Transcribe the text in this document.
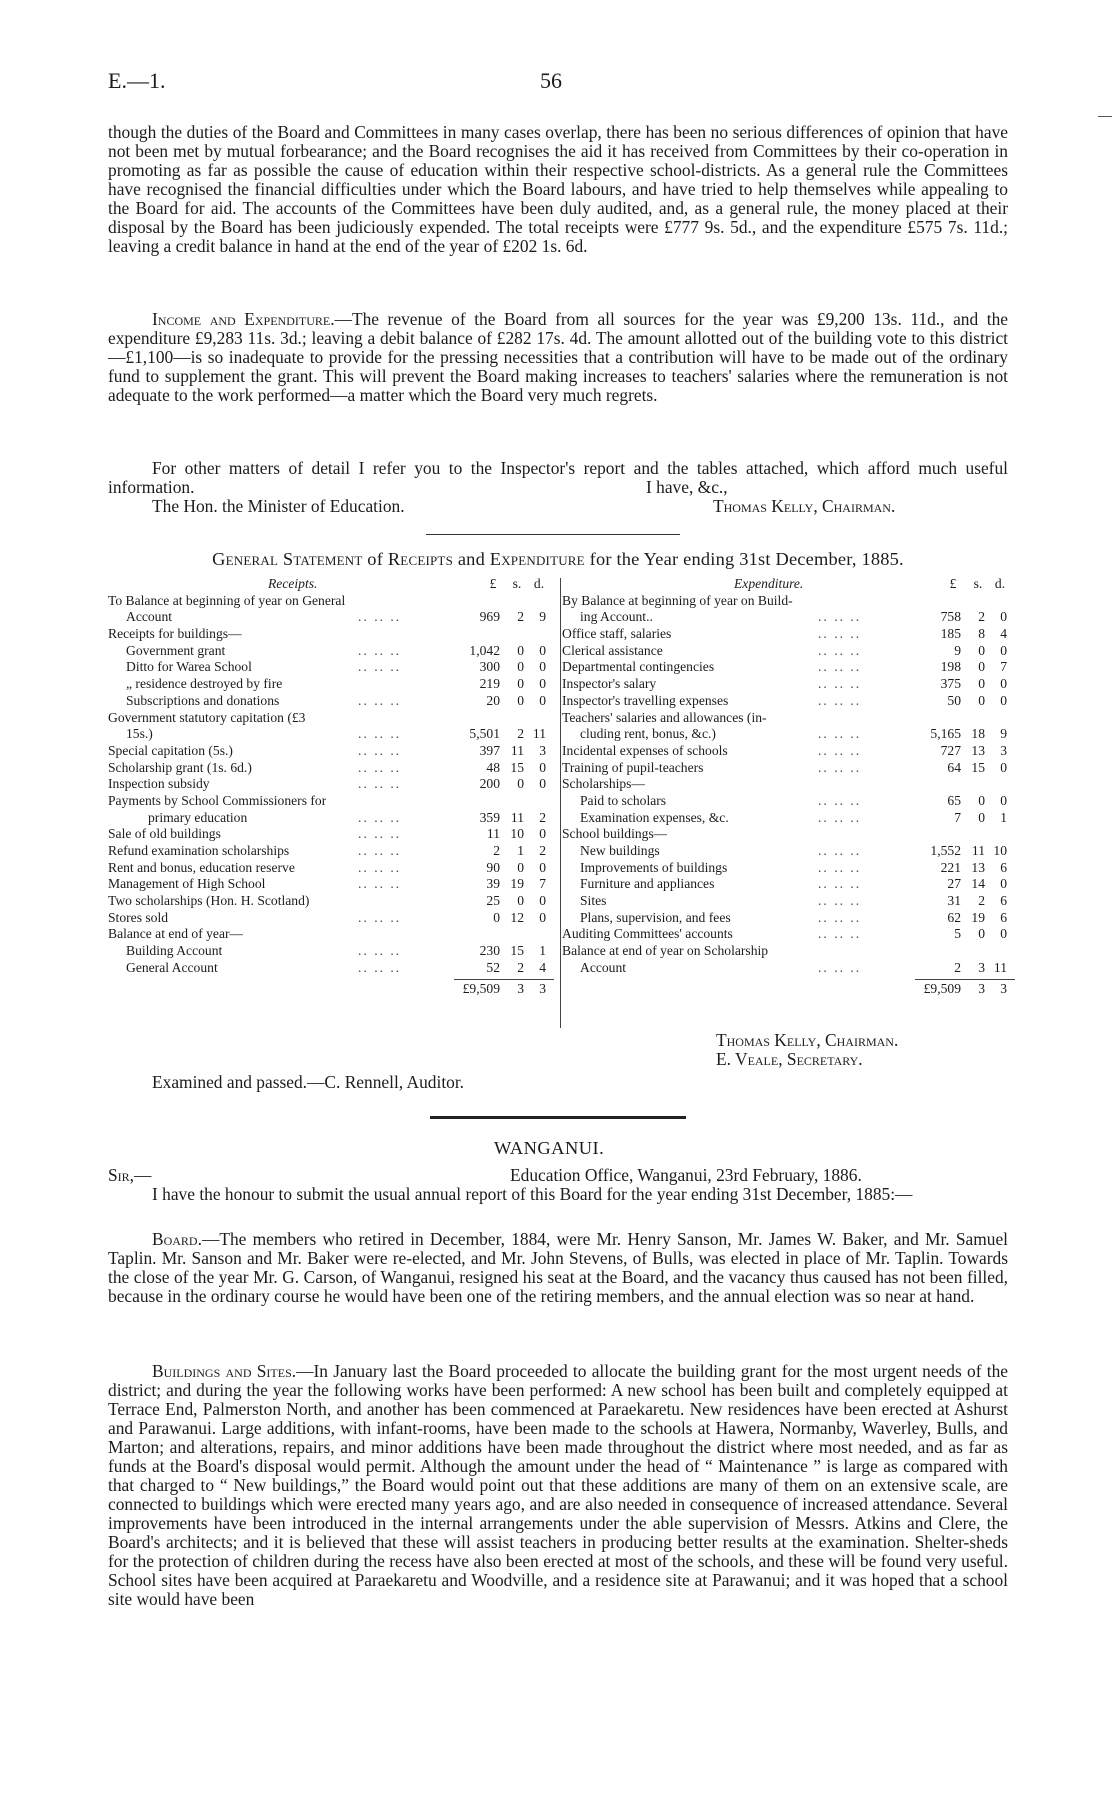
E.—1.	56

though the duties of the Board and Committees in many cases overlap, there has been no serious differences of opinion that have not been met by mutual forbearance; and the Board recognises the aid it has received from Committees by their co-operation in promoting as far as possible the cause of education within their respective school-districts. As a general rule the Committees have recognised the financial difficulties under which the Board labours, and have tried to help themselves while appealing to the Board for aid. The accounts of the Committees have been duly audited, and, as a general rule, the money placed at their disposal by the Board has been judiciously expended. The total receipts were £777 9s. 5d., and the expenditure £575 7s. 11d.; leaving a credit balance in hand at the end of the year of £202 1s. 6d.

Income and Expenditure.—The revenue of the Board from all sources for the year was £9,200 13s. 11d., and the expenditure £9,283 11s. 3d.; leaving a debit balance of £282 17s. 4d. The amount allotted out of the building vote to this district—£1,100—is so inadequate to provide for the pressing necessities that a contribution will have to be made out of the ordinary fund to supplement the grant. This will prevent the Board making increases to teachers' salaries where the remuneration is not adequate to the work performed—a matter which the Board very much regrets.

For other matters of detail I refer you to the Inspector's report and the tables attached, which afford much useful information.	I have, &c.,
The Hon. the Minister of Education.	Thomas Kelly, Chairman.
General Statement of Receipts and Expenditure for the Year ending 31st December, 1885.
Receipts.	£	s. d.
To Balance at beginning of year on General
Account	.. .. ..	969 2 9
Receipts for buildings—
Government grant	.. .. ..	1,042 0 0
Ditto for Warea School	.. .. ..	300 0 0
„ residence destroyed by fire	219 0 0
Subscriptions and donations	.. .. ..	20 0 0
Government statutory capitation (£3
15s.)	.. .. ..	5,501 2 11
Special capitation (5s.)	.. .. ..	397 11 3
Scholarship grant (1s. 6d.)	.. .. ..	48 15 0
Inspection subsidy	.. .. ..	200 0 0
Payments by School Commissioners for
primary education	.. .. ..	359 11 2
Sale of old buildings	.. .. ..	11 10 0
Refund examination scholarships	.. .. ..	2 1 2
Rent and bonus, education reserve	.. .. ..	90 0 0
Management of High School	.. .. ..	39 19 7
Two scholarships (Hon. H. Scotland)	25 0 0
Stores sold	.. .. ..	0 12 0
Balance at end of year—
Building Account	.. .. ..	230 15 1
General Account	.. .. ..	52 2 4
£9,509 3 3
Expenditure.	£	s. d.
By Balance at beginning of year on Build-
ing Account..	.. .. ..	758 2 0
Office staff, salaries	.. .. ..	185 8 4
Clerical assistance	.. .. ..	9 0 0
Departmental contingencies	.. .. ..	198 0 7
Inspector's salary	.. .. ..	375 0 0
Inspector's travelling expenses	.. .. ..	50 0 0
Teachers' salaries and allowances (in-
cluding rent, bonus, &c.)	.. .. ..	5,165 18 9
Incidental expenses of schools	.. .. ..	727 13 3
Training of pupil-teachers	.. .. ..	64 15 0
Scholarships—
Paid to scholars	.. .. ..	65 0 0
Examination expenses, &c.	.. .. ..	7 0 1
School buildings—
New buildings	.. .. ..	1,552 11 10
Improvements of buildings	.. .. ..	221 13 6
Furniture and appliances	.. .. ..	27 14 0
Sites	.. .. ..	31 2 6
Plans, supervision, and fees	.. .. ..	62 19 6
Auditing Committees' accounts	.. .. ..	5 0 0
Balance at end of year on Scholarship
Account	.. .. ..	2 3 11
£9,509 3 3
Thomas Kelly, Chairman.
E. Veale, Secretary.
Examined and passed.—C. Rennell, Auditor.
WANGANUI.
Sir,—	Education Office, Wanganui, 23rd February, 1886.

I have the honour to submit the usual annual report of this Board for the year ending 31st December, 1885:—

Board.—The members who retired in December, 1884, were Mr. Henry Sanson, Mr. James W. Baker, and Mr. Samuel Taplin. Mr. Sanson and Mr. Baker were re-elected, and Mr. John Stevens, of Bulls, was elected in place of Mr. Taplin. Towards the close of the year Mr. G. Carson, of Wanganui, resigned his seat at the Board, and the vacancy thus caused has not been filled, because in the ordinary course he would have been one of the retiring members, and the annual election was so near at hand.

Buildings and Sites.—In January last the Board proceeded to allocate the building grant for the most urgent needs of the district; and during the year the following works have been performed: A new school has been built and completely equipped at Terrace End, Palmerston North, and another has been commenced at Paraekaretu. New residences have been erected at Ashurst and Parawanui. Large additions, with infant-rooms, have been made to the schools at Hawera, Normanby, Waverley, Bulls, and Marton; and alterations, repairs, and minor additions have been made throughout the district where most needed, and as far as funds at the Board's disposal would permit. Although the amount under the head of “ Maintenance ” is large as compared with that charged to “ New buildings,” the Board would point out that these additions are many of them on an extensive scale, are connected to buildings which were erected many years ago, and are also needed in consequence of increased attendance. Several improvements have been introduced in the internal arrangements under the able supervision of Messrs. Atkins and Clere, the Board's architects; and it is believed that these will assist teachers in producing better results at the examination. Shelter-sheds for the protection of children during the recess have also been erected at most of the schools, and these will be found very useful. School sites have been acquired at Paraekaretu and Woodville, and a residence site at Parawanui; and it was hoped that a school site would have been
